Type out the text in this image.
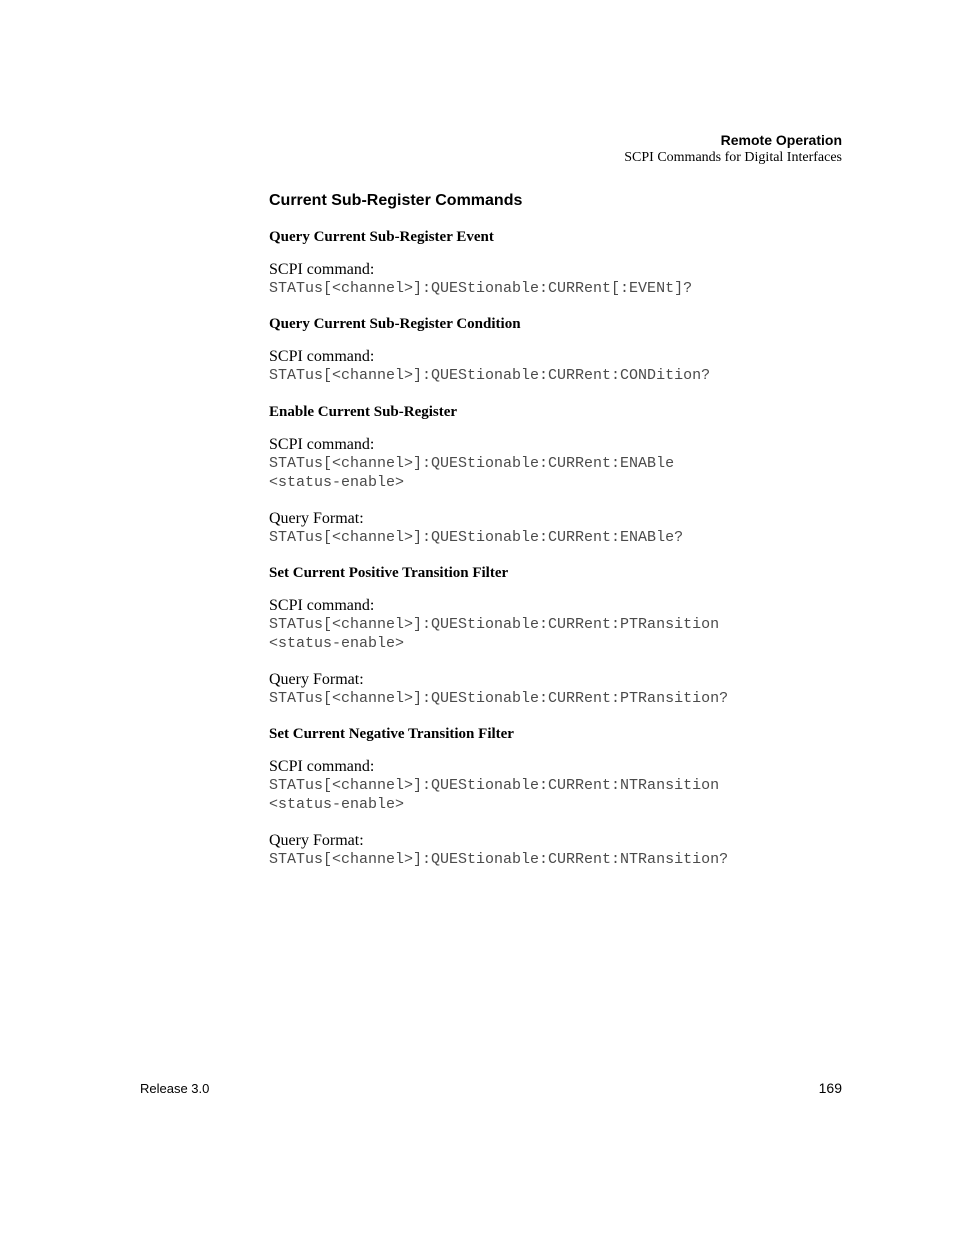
Remote Operation
SCPI Commands for Digital Interfaces
Current Sub-Register Commands
Query Current Sub-Register Event
SCPI command:
STATus[<channel>]:QUEStionable:CURRent[:EVENt]?
Query Current Sub-Register Condition
SCPI command:
STATus[<channel>]:QUEStionable:CURRent:CONDition?
Enable Current Sub-Register
SCPI command:
STATus[<channel>]:QUEStionable:CURRent:ENABle
<status-enable>
Query Format:
STATus[<channel>]:QUEStionable:CURRent:ENABle?
Set Current Positive Transition Filter
SCPI command:
STATus[<channel>]:QUEStionable:CURRent:PTRansition
<status-enable>
Query Format:
STATus[<channel>]:QUEStionable:CURRent:PTRansition?
Set Current Negative Transition Filter
SCPI command:
STATus[<channel>]:QUEStionable:CURRent:NTRansition
<status-enable>
Query Format:
STATus[<channel>]:QUEStionable:CURRent:NTRansition?
Release 3.0	169
